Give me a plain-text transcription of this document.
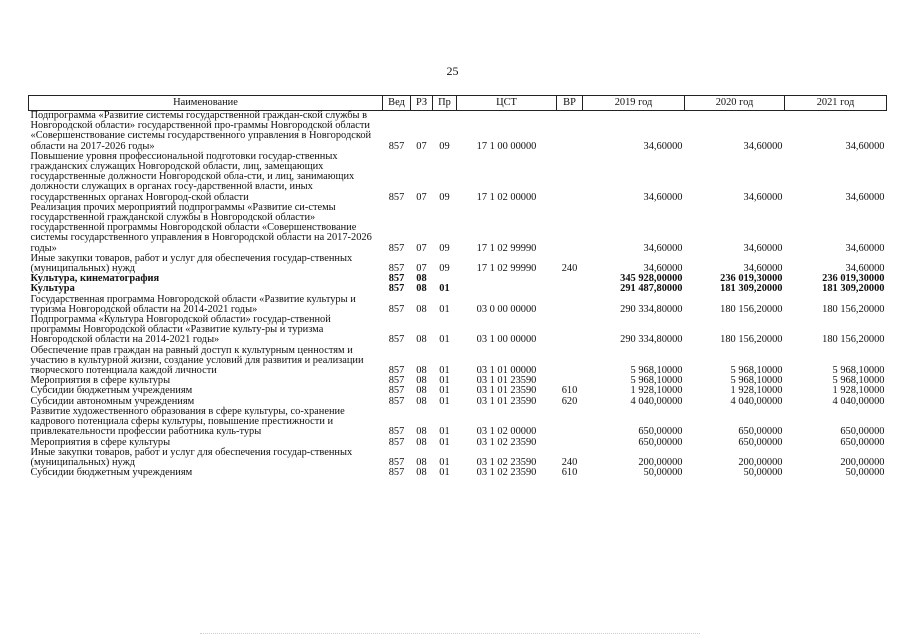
25
Наименование	Вед	РЗ	Пр	ЦСТ	ВР	2019 год	2020 год	2021 год
Подпрограмма «Развитие системы государственной граждан-ской службы в Новгородской области» государственной про-граммы Новгородской области «Совершенствование системы государственного управления в Новгородской области на 2017-2026 годы»	857	07	09	17 1 00 00000		34,60000	34,60000	34,60000
Повышение уровня профессиональной подготовки государ-ственных гражданских служащих Новгородской области, лиц, замещающих государственные должности Новгородской обла-сти, и лиц, занимающих должности служащих в органах госу-дарственной власти, иных государственных органах Новгород-ской области	857	07	09	17 1 02 00000		34,60000	34,60000	34,60000
Реализация прочих мероприятий подпрограммы «Развитие си-стемы государственной гражданской службы в Новгородской области» государственной программы Новгородской области «Совершенствование системы государственного управления в Новгородской области на 2017-2026 годы»	857	07	09	17 1 02 99990		34,60000	34,60000	34,60000
Иные закупки товаров, работ и услуг для обеспечения государ-ственных (муниципальных) нужд	857	07	09	17 1 02 99990	240	34,60000	34,60000	34,60000
Культура, кинематография	857	08				345 928,00000	236 019,30000	236 019,30000
Культура	857	08	01			291 487,80000	181 309,20000	181 309,20000
Государственная программа Новгородской области «Развитие культуры и туризма Новгородской области на 2014-2021 годы»	857	08	01	03 0 00 00000		290 334,80000	180 156,20000	180 156,20000
Подпрограмма «Культура Новгородской области» государ-ственной программы Новгородской области «Развитие культу-ры и туризма Новгородской области на 2014-2021 годы»	857	08	01	03 1 00 00000		290 334,80000	180 156,20000	180 156,20000
Обеспечение прав граждан на равный доступ к культурным ценностям и участию в культурной жизни, создание условий для развития и реализации творческого потенциала каждой личности	857	08	01	03 1 01 00000		5 968,10000	5 968,10000	5 968,10000
Мероприятия в сфере культуры	857	08	01	03 1 01 23590		5 968,10000	5 968,10000	5 968,10000
Субсидии бюджетным учреждениям	857	08	01	03 1 01 23590	610	1 928,10000	1 928,10000	1 928,10000
Субсидии автономным учреждениям	857	08	01	03 1 01 23590	620	4 040,00000	4 040,00000	4 040,00000
Развитие художественного образования в сфере культуры, со-хранение кадрового потенциала сферы культуры, повышение престижности и привлекательности профессии работника куль-туры	857	08	01	03 1 02 00000		650,00000	650,00000	650,00000
Мероприятия в сфере культуры	857	08	01	03 1 02 23590		650,00000	650,00000	650,00000
Иные закупки товаров, работ и услуг для обеспечения государ-ственных (муниципальных) нужд	857	08	01	03 1 02 23590	240	200,00000	200,00000	200,00000
Субсидии бюджетным учреждениям	857	08	01	03 1 02 23590	610	50,00000	50,00000	50,00000
